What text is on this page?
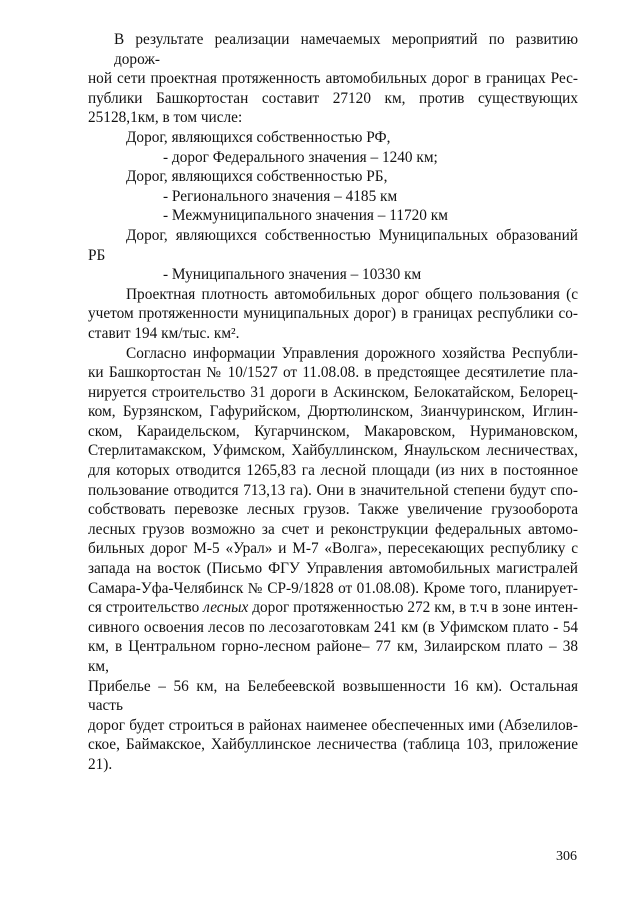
В результате реализации намечаемых мероприятий по развитию дорож-
ной сети проектная протяженность автомобильных дорог в границах Рес-
публики Башкортостан составит 27120 км, против существующих
25128,1км, в том числе:
Дорог, являющихся собственностью РФ,
- дорог Федерального значения – 1240 км;
Дорог, являющихся собственностью РБ,
- Регионального значения – 4185 км
- Межмуниципального значения – 11720 км
Дорог, являющихся собственностью Муниципальных образований
РБ
- Муниципального значения – 10330 км
Проектная плотность автомобильных дорог общего пользования (с
учетом протяженности муниципальных дорог) в границах республики со-
ставит 194 км/тыс. км².
Согласно информации Управления дорожного хозяйства Республи-
ки Башкортостан № 10/1527 от 11.08.08. в предстоящее десятилетие пла-
нируется строительство 31 дороги в Аскинском, Белокатайском, Белорец-
ком, Бурзянском, Гафурийском, Дюртюлинском, Зианчуринском, Иглин-
ском, Караидельском, Кугарчинском, Макаровском, Нуримановском,
Стерлитамакском, Уфимском, Хайбуллинском, Янаульском лесничествах,
для которых отводится 1265,83 га лесной площади (из них в постоянное
пользование отводится 713,13 га). Они в значительной степени будут спо-
собствовать перевозке лесных грузов. Также увеличение грузооборота
лесных грузов возможно за счет и реконструкции федеральных автомо-
бильных дорог М-5 «Урал» и М-7 «Волга», пересекающих республику с
запада на восток (Письмо ФГУ Управления автомобильных магистралей
Самара-Уфа-Челябинск № СР-9/1828 от 01.08.08). Кроме того, планирует-
ся строительство лесных дорог протяженностью 272 км, в т.ч в зоне интен-
сивного освоения лесов по лесозаготовкам 241 км (в Уфимском плато - 54
км, в Центральном горно-лесном районе– 77 км, Зилаирском плато – 38 км,
Прибелье – 56 км, на Белебеевской возвышенности 16 км). Остальная часть
дорог будет строиться в районах наименее обеспеченных ими (Абзелилов-
ское, Баймакское, Хайбуллинское лесничества (таблица 103, приложение
21).
306
